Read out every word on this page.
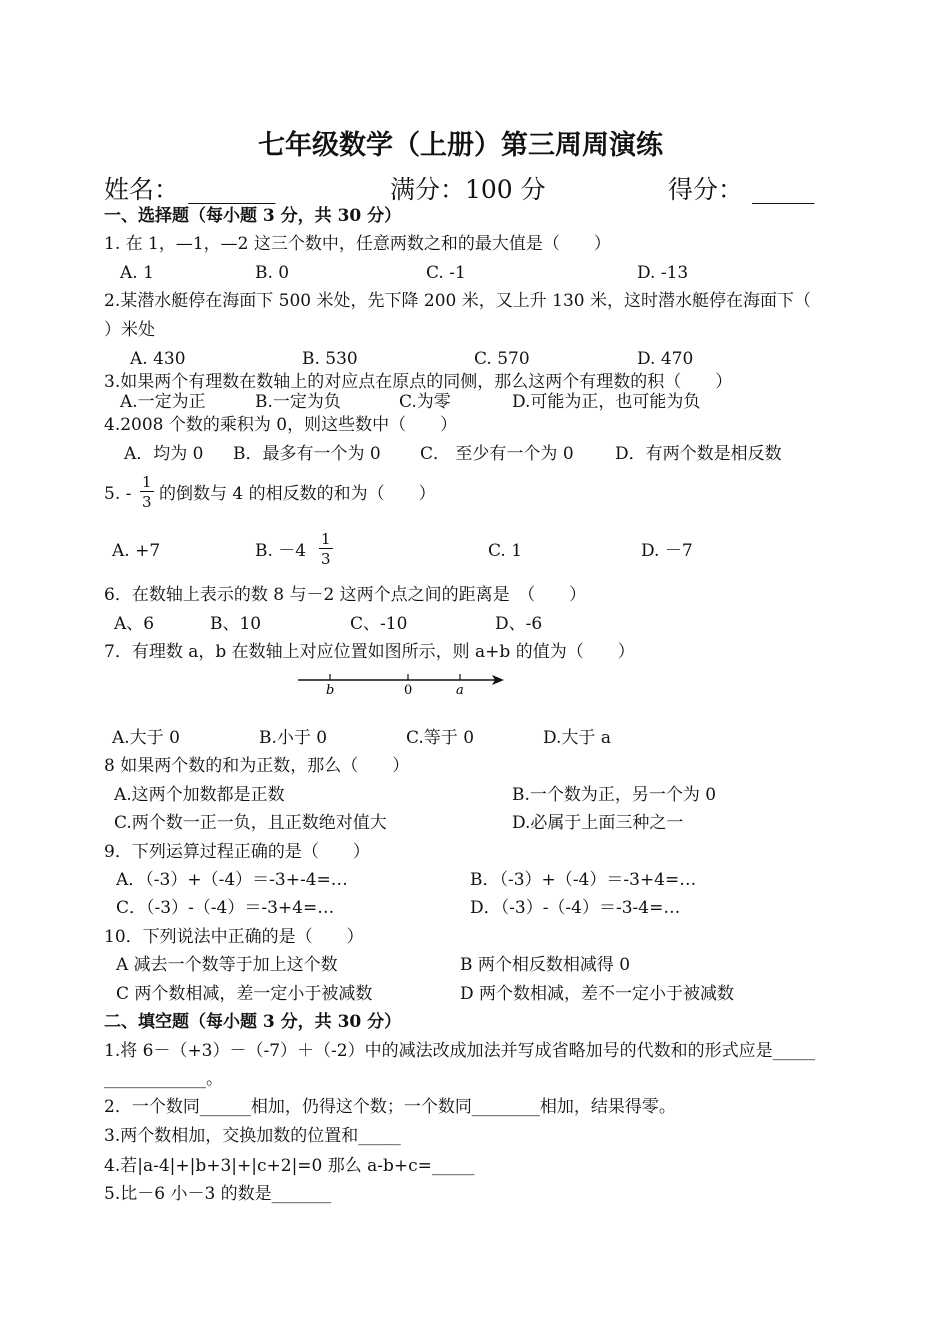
七年级数学（上册）第三周周演练
姓名： _______	满分：100 分	得分： _____
一、选择题（每小题 3 分，共 30 分）
1. 在 1，—1，—2 这三个数中，任意两数之和的最大值是（　　）
A. 1	B. 0	C. -1	D. -13
2.某潜水艇停在海面下 500 米处，先下降 200 米，又上升 130 米，这时潜水艇停在海面下（
）米处
A. 430	B. 530	C. 570	D. 470
3.如果两个有理数在数轴上的对应点在原点的同侧，那么这两个有理数的积（　　）
A.一定为正	B.一定为负	C.为零	D.可能为正，也可能为负
4.2008 个数的乘积为 0，则这些数中（　　）
A．均为 0 B．最多有一个为 0 C． 至少有一个为 0 D．有两个数是相反数
5. - $\frac{1}{3}$ 的倒数与 4 的相反数的和为（　　）
A. +7	B. $-4 \frac{1}{3}$	C. 1	D. －7
6．在数轴上表示的数 8 与－2 这两个点之间的距离是　（　　）
A、6	B、10	C、-10	D、-6
7．有理数 a，b 在数轴上对应位置如图所示，则 a+b 的值为（　　）
b	0	a
A.大于 0	B.小于 0	C.等于 0	D.大于 a
8 如果两个数的和为正数，那么（　　）
A.这两个加数都是正数	B.一个数为正，另一个为 0
C.两个数一正一负，且正数绝对值大	D.必属于上面三种之一
9．下列运算过程正确的是（　　）
A．（-3）+（-4）＝-3+-4=…	B．（-3）+（-4）＝-3+4=…
C．（-3）-（-4）＝-3+4=…	D．（-3）-（-4）＝-3-4=…
10．下列说法中正确的是（　　）
A 减去一个数等于加上这个数	B 两个相反数相减得 0
C 两个数相减，差一定小于被减数	D 两个数相减，差不一定小于被减数
二、填空题（每小题 3 分，共 30 分）
1.将 6－（+3）－（-7）＋（-2）中的减法改成加法并写成省略加号的代数和的形式应是_____
____________。
2．一个数同______相加，仍得这个数；一个数同________相加，结果得零。
3.两个数相加，交换加数的位置和_____
4.若|a-4|+|b+3|+|c+2|=0 那么 a-b+c=_____
5.比－6 小－3 的数是_______
